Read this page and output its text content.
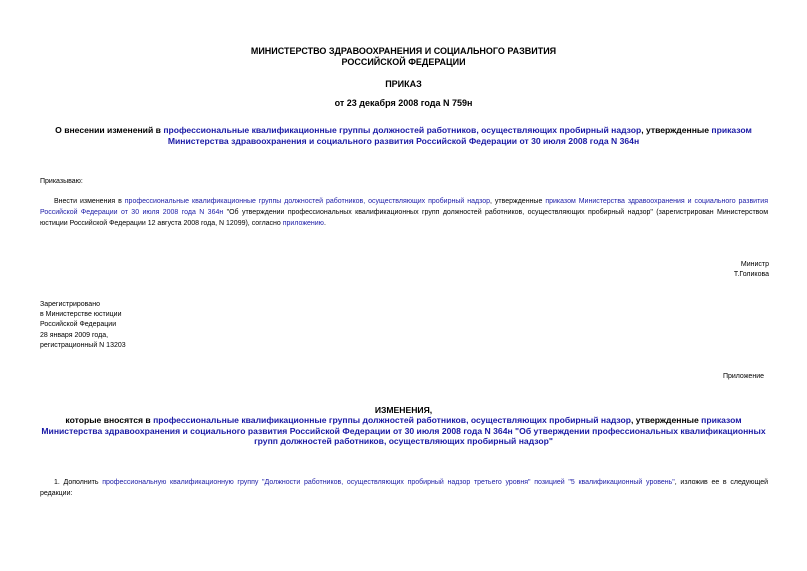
МИНИСТЕРСТВО ЗДРАВООХРАНЕНИЯ И СОЦИАЛЬНОГО РАЗВИТИЯ
РОССИЙСКОЙ ФЕДЕРАЦИИ
ПРИКАЗ
от 23 декабря 2008 года N 759н
О внесении изменений в профессиональные квалификационные группы должностей работников, осуществляющих пробирный надзор, утвержденные приказом Министерства здравоохранения и социального развития Российской Федерации от 30 июля 2008 года N 364н
Приказываю:
Внести изменения в профессиональные квалификационные группы должностей работников, осуществляющих пробирный надзор, утвержденные приказом Министерства здравоохранения и социального развития Российской Федерации от 30 июля 2008 года N 364н "Об утверждении профессиональных квалификационных групп должностей работников, осуществляющих пробирный надзор" (зарегистрирован Министерством юстиции Российской Федерации 12 августа 2008 года, N 12099), согласно приложению.
Министр
Т.Голикова
Зарегистрировано
в Министерстве юстиции
Российской Федерации
28 января 2009 года,
регистрационный N 13203
Приложение
ИЗМЕНЕНИЯ,
которые вносятся в профессиональные квалификационные группы должностей работников, осуществляющих пробирный надзор, утвержденные приказом Министерства здравоохранения и социального развития Российской Федерации от 30 июля 2008 года N 364н "Об утверждении профессиональных квалификационных групп должностей работников, осуществляющих пробирный надзор"
1. Дополнить профессиональную квалификационную группу "Должности работников, осуществляющих пробирный надзор третьего уровня" позицией "5 квалификационный уровень", изложив ее в следующей редакции:
